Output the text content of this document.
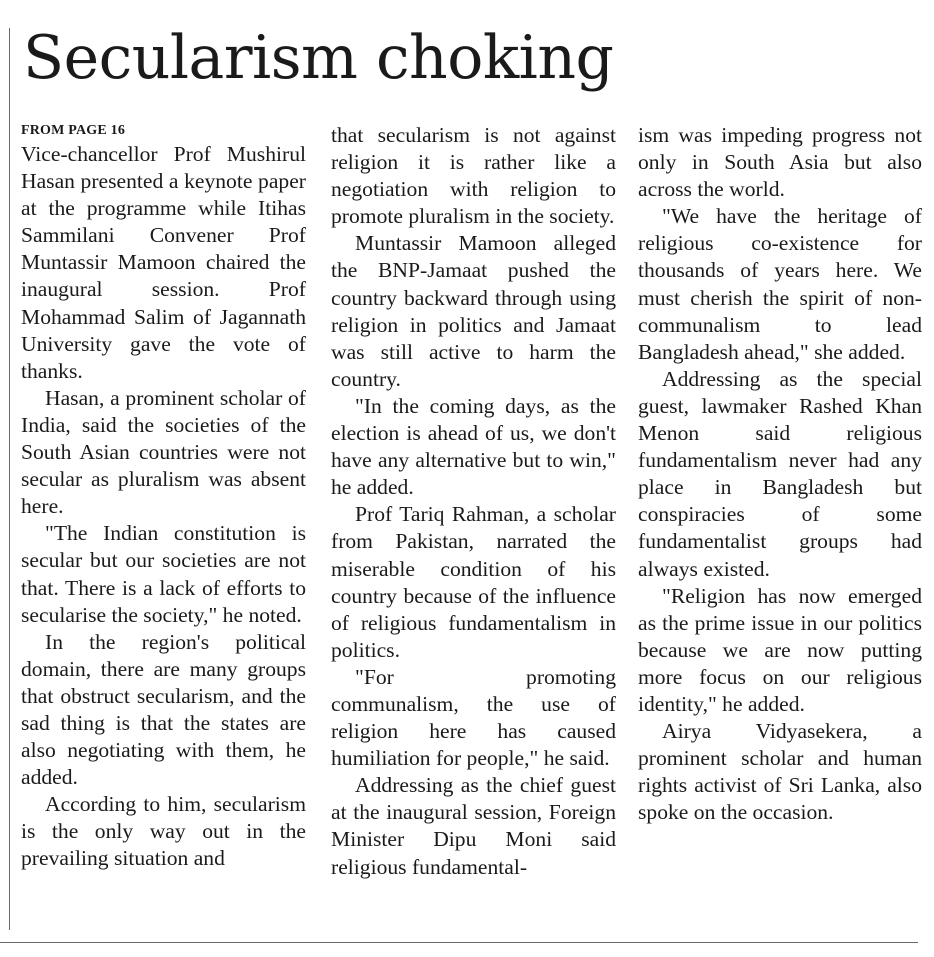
Secularism choking

FROM PAGE 16

Vice-chancellor Prof Mushirul Hasan presented a keynote paper at the programme while Itihas Sammilani Convener Prof Muntassir Mamoon chaired the inaugural session. Prof Mohammad Salim of Jagannath University gave the vote of thanks.

Hasan, a prominent scholar of India, said the societies of the South Asian countries were not secular as pluralism was absent here.

"The Indian constitution is secular but our societies are not that. There is a lack of efforts to secularise the society," he noted.

In the region's political domain, there are many groups that obstruct secularism, and the sad thing is that the states are also negotiating with them, he added.

According to him, secularism is the only way out in the prevailing situation and

that secularism is not against religion it is rather like a negotiation with religion to promote pluralism in the society.

Muntassir Mamoon alleged the BNP-Jamaat pushed the country backward through using religion in politics and Jamaat was still active to harm the country.

"In the coming days, as the election is ahead of us, we don't have any alternative but to win," he added.

Prof Tariq Rahman, a scholar from Pakistan, narrated the miserable condition of his country because of the influence of religious fundamentalism in politics.

"For promoting communalism, the use of religion here has caused humiliation for people," he said.

Addressing as the chief guest at the inaugural session, Foreign Minister Dipu Moni said religious fundamental-

ism was impeding progress not only in South Asia but also across the world.

"We have the heritage of religious co-existence for thousands of years here. We must cherish the spirit of non-communalism to lead Bangladesh ahead," she added.

Addressing as the special guest, lawmaker Rashed Khan Menon said religious fundamentalism never had any place in Bangladesh but conspiracies of some fundamentalist groups had always existed.

"Religion has now emerged as the prime issue in our politics because we are now putting more focus on our religious identity," he added.

Airya Vidyasekera, a prominent scholar and human rights activist of Sri Lanka, also spoke on the occasion.
